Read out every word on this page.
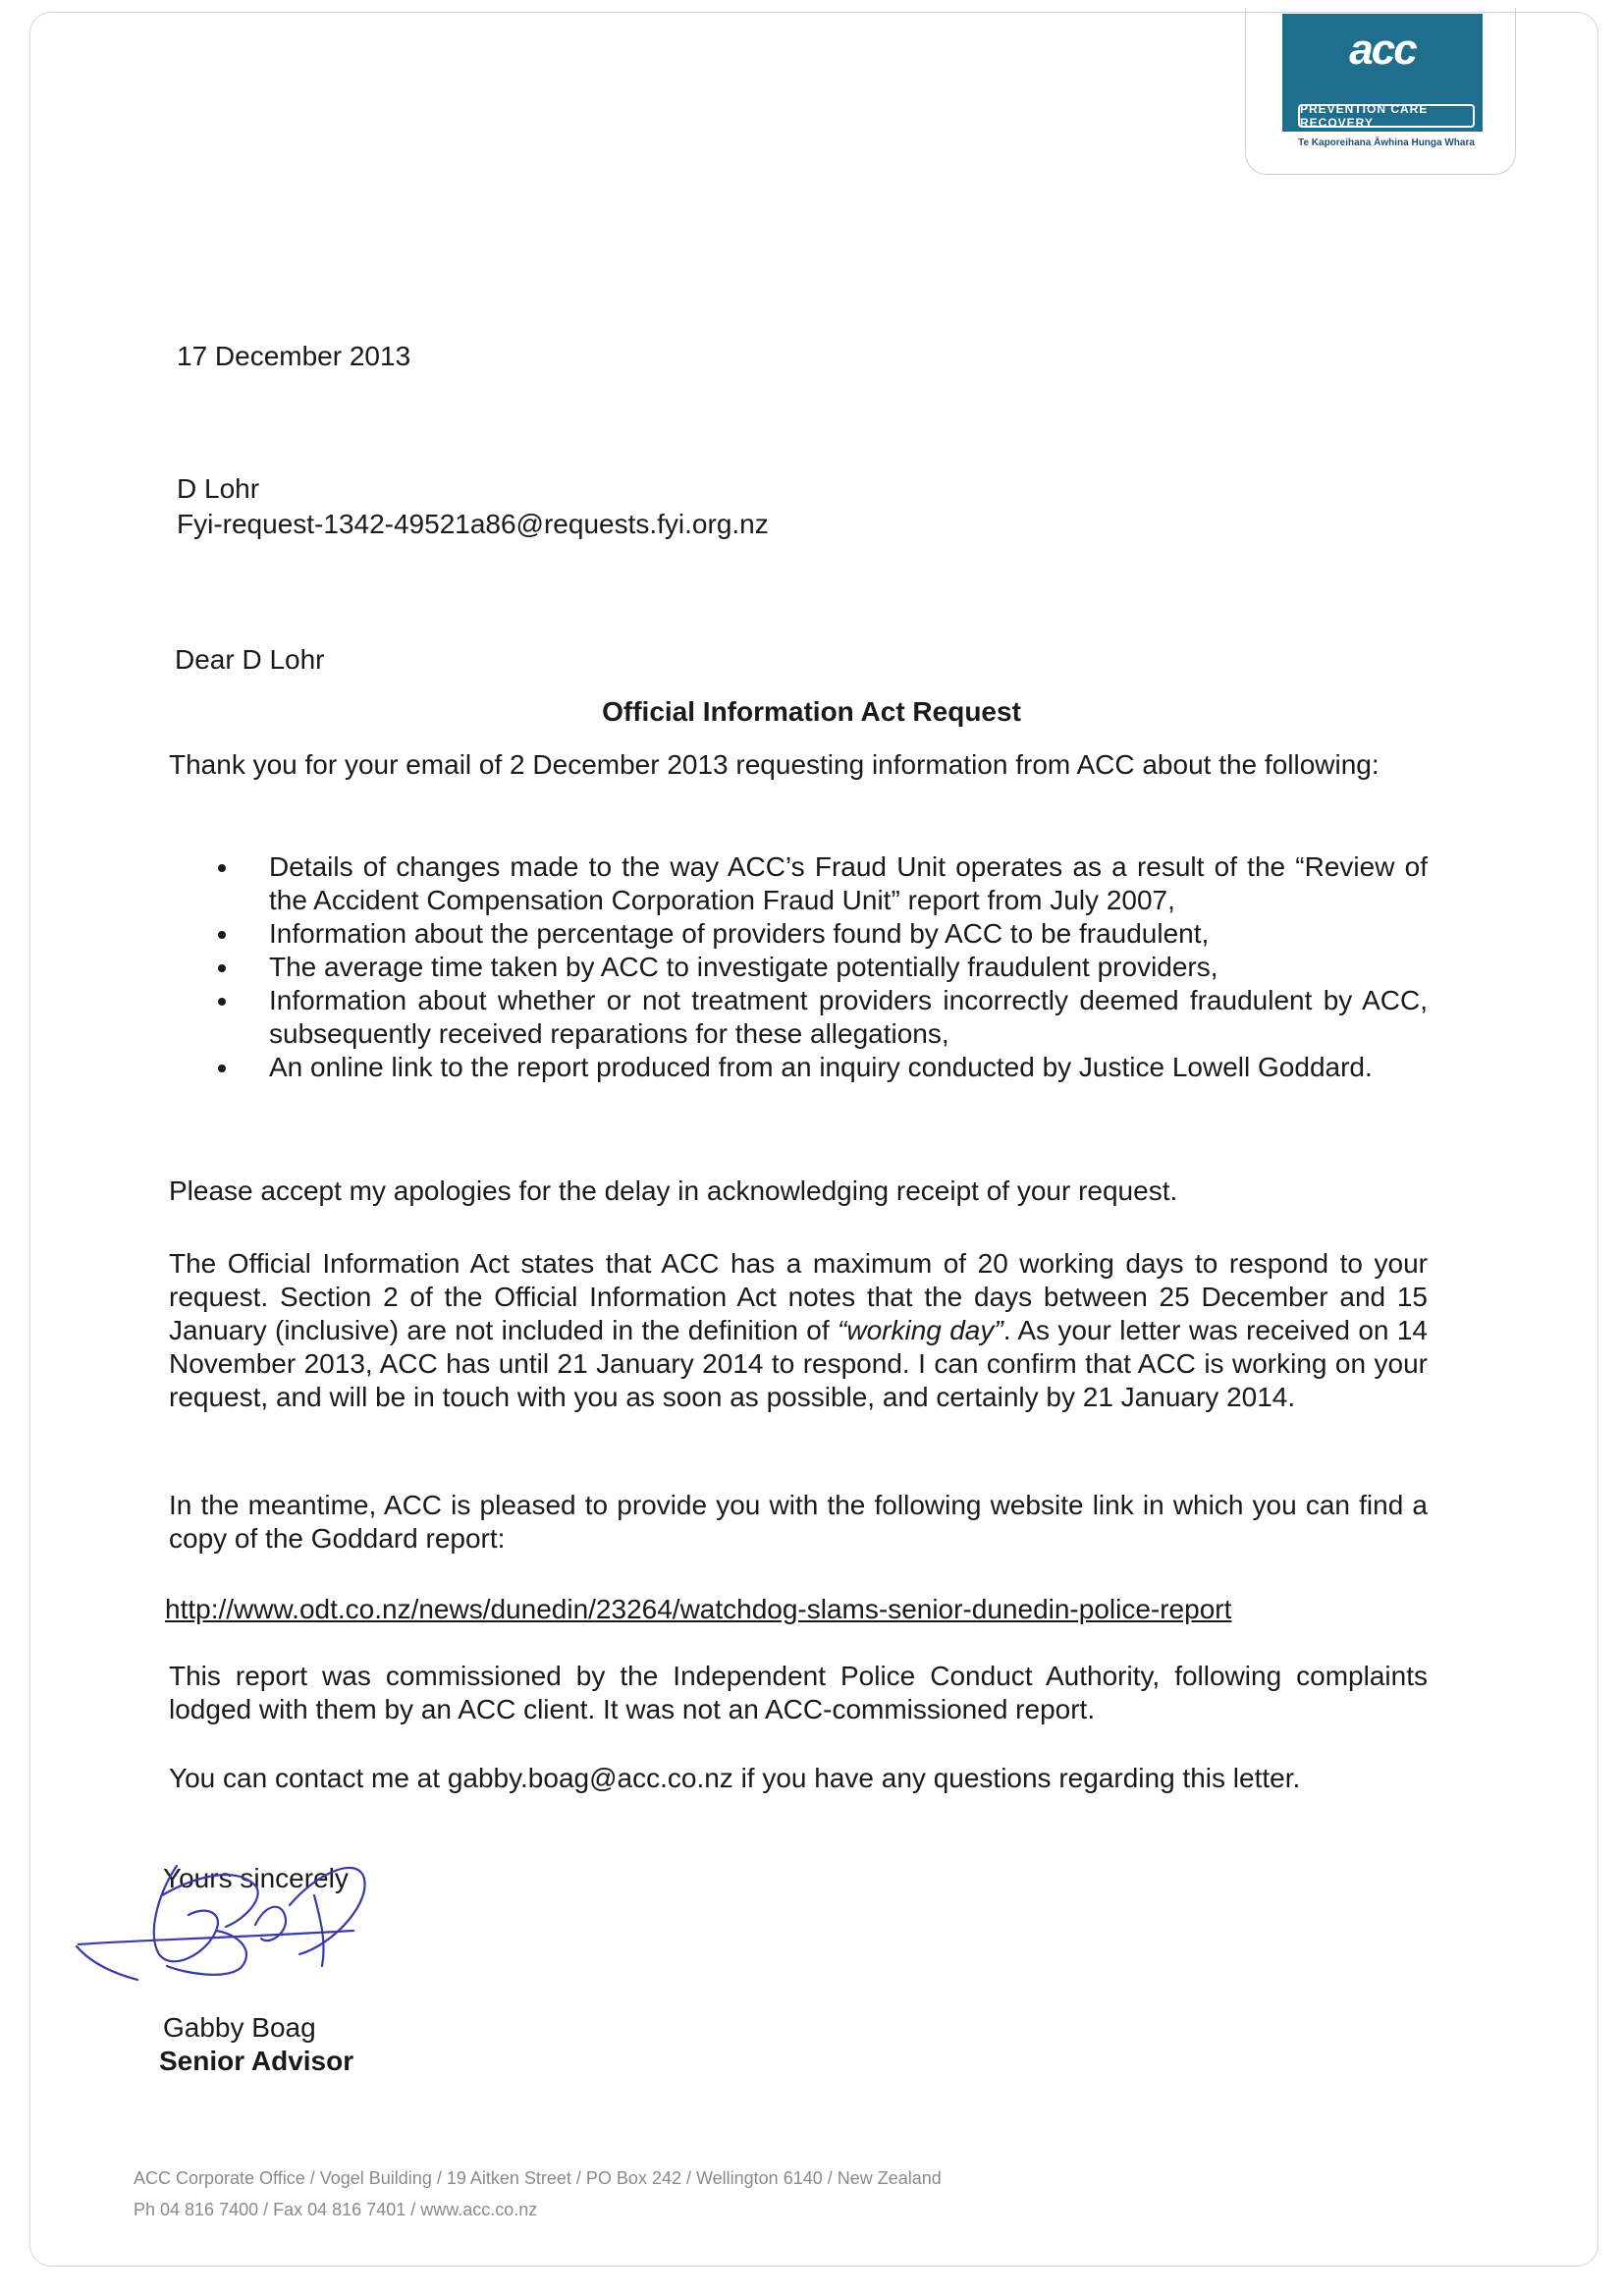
acc
PREVENTION CARE RECOVERY
Te Kaporeihana Āwhina Hunga Whara
17 December 2013
D Lohr
Fyi-request-1342-49521a86@requests.fyi.org.nz
Dear D Lohr
Official Information Act Request
Thank you for your email of 2 December 2013 requesting information from ACC about the following:
Details of changes made to the way ACC’s Fraud Unit operates as a result of the “Review of the Accident Compensation Corporation Fraud Unit” report from July 2007,
Information about the percentage of providers found by ACC to be fraudulent,
The average time taken by ACC to investigate potentially fraudulent providers,
Information about whether or not treatment providers incorrectly deemed fraudulent by ACC, subsequently received reparations for these allegations,
An online link to the report produced from an inquiry conducted by Justice Lowell Goddard.
Please accept my apologies for the delay in acknowledging receipt of your request.
The Official Information Act states that ACC has a maximum of 20 working days to respond to your request. Section 2 of the Official Information Act notes that the days between 25 December and 15 January (inclusive) are not included in the definition of “working day”. As your letter was received on 14 November 2013, ACC has until 21 January 2014 to respond. I can confirm that ACC is working on your request, and will be in touch with you as soon as possible, and certainly by 21 January 2014.
In the meantime, ACC is pleased to provide you with the following website link in which you can find a copy of the Goddard report:
http://www.odt.co.nz/news/dunedin/23264/watchdog-slams-senior-dunedin-police-report
This report was commissioned by the Independent Police Conduct Authority, following complaints lodged with them by an ACC client. It was not an ACC-commissioned report.
You can contact me at gabby.boag@acc.co.nz if you have any questions regarding this letter.
Yours sincerely
Gabby Boag
Senior Advisor
ACC Corporate Office / Vogel Building / 19 Aitken Street / PO Box 242 / Wellington 6140 / New Zealand
Ph 04 816 7400 / Fax 04 816 7401 / www.acc.co.nz
